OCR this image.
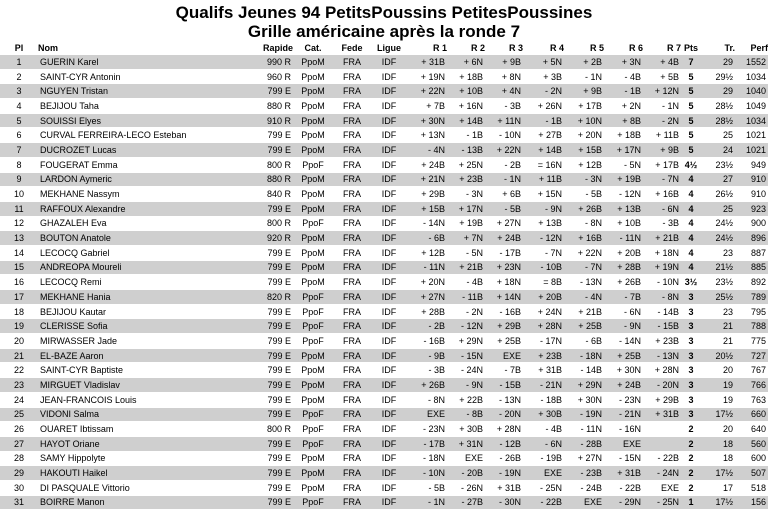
Qualifs Jeunes 94 PetitsPoussins PetitesPoussines
Grille américaine après la ronde 7
Pl	Nom	Rapide	Cat.	Fede	Ligue	R 1	R 2	R 3	R 4	R 5	R 6	R 7	Pts	Tr.	Perf
1	GUERIN Karel	990 R	PpoM	FRA	IDF	+ 31B	+ 6N	+ 9B	+ 5N	+ 2B	+ 3N	+ 4B	7	29	1552
2	SAINT-CYR Antonin	960 R	PpoM	FRA	IDF	+ 19N	+ 18B	+ 8N	+ 3B	- 1N	- 4B	+ 5B	5	29½	1034
3	NGUYEN Tristan	799 E	PpoM	FRA	IDF	+ 22N	+ 10B	+ 4N	- 2N	+ 9B	- 1B	+ 12N	5	29	1040
4	BEJIJOU Taha	880 R	PpoM	FRA	IDF	+ 7B	+ 16N	- 3B	+ 26N	+ 17B	+ 2N	- 1N	5	28½	1049
5	SOUISSI Elyes	910 R	PpoM	FRA	IDF	+ 30N	+ 14B	+ 11N	- 1B	+ 10N	+ 8B	- 2N	5	28½	1034
6	CURVAL FERREIRA-LECO Esteban	799 E	PpoM	FRA	IDF	+ 13N	- 1B	- 10N	+ 27B	+ 20N	+ 18B	+ 11B	5	25	1021
7	DUCROZET Lucas	799 E	PpoM	FRA	IDF	- 4N	- 13B	+ 22N	+ 14B	+ 15B	+ 17N	+ 9B	5	24	1021
8	FOUGERAT Emma	800 R	PpoF	FRA	IDF	+ 24B	+ 25N	- 2B	= 16N	+ 12B	- 5N	+ 17B	4½	23½	949
9	LARDON Aymeric	880 R	PpoM	FRA	IDF	+ 21N	+ 23B	- 1N	+ 11B	- 3N	+ 19B	- 7N	4	27	910
10	MEKHANE Nassym	840 R	PpoM	FRA	IDF	+ 29B	- 3N	+ 6B	+ 15N	- 5B	- 12N	+ 16B	4	26½	910
11	RAFFOUX Alexandre	799 E	PpoM	FRA	IDF	+ 15B	+ 17N	- 5B	- 9N	+ 26B	+ 13B	- 6N	4	25	923
12	GHAZALEH Eva	800 R	PpoF	FRA	IDF	- 14N	+ 19B	+ 27N	+ 13B	- 8N	+ 10B	- 3B	4	24½	900
13	BOUTON Anatole	920 R	PpoM	FRA	IDF	- 6B	+ 7N	+ 24B	- 12N	+ 16B	- 11N	+ 21B	4	24½	896
14	LECOCQ Gabriel	799 E	PpoM	FRA	IDF	+ 12B	- 5N	- 17B	- 7N	+ 22N	+ 20B	+ 18N	4	23	887
15	ANDREOPA Moureli	799 E	PpoM	FRA	IDF	- 11N	+ 21B	+ 23N	- 10B	- 7N	+ 28B	+ 19N	4	21½	885
16	LECOCQ Remi	799 E	PpoM	FRA	IDF	+ 20N	- 4B	+ 18N	= 8B	- 13N	+ 26B	- 10N	3½	23½	892
17	MEKHANE Hania	820 R	PpoF	FRA	IDF	+ 27N	- 11B	+ 14N	+ 20B	- 4N	- 7B	- 8N	3	25½	789
18	BEJIJOU Kautar	799 E	PpoF	FRA	IDF	+ 28B	- 2N	- 16B	+ 24N	+ 21B	- 6N	- 14B	3	23	795
19	CLERISSE Sofia	799 E	PpoF	FRA	IDF	- 2B	- 12N	+ 29B	+ 28N	+ 25B	- 9N	- 15B	3	21	788
20	MIRWASSER Jade	799 E	PpoF	FRA	IDF	- 16B	+ 29N	+ 25B	- 17N	- 6B	- 14N	+ 23B	3	21	775
21	EL-BAZE Aaron	799 E	PpoM	FRA	IDF	- 9B	- 15N	EXE	+ 23B	- 18N	+ 25B	- 13N	3	20½	727
22	SAINT-CYR Baptiste	799 E	PpoM	FRA	IDF	- 3B	- 24N	- 7B	+ 31B	- 14B	+ 30N	+ 28N	3	20	767
23	MIRGUET Vladislav	799 E	PpoM	FRA	IDF	+ 26B	- 9N	- 15B	- 21N	+ 29N	+ 24B	- 20N	3	19	766
24	JEAN-FRANCOIS Louis	799 E	PpoM	FRA	IDF	- 8N	+ 22B	- 13N	- 18B	+ 30N	- 23N	+ 29B	3	19	763
25	VIDONI Salma	799 E	PpoF	FRA	IDF	EXE	- 8B	- 20N	+ 30B	- 19N	- 21N	+ 31B	3	17½	660
26	OUARET Ibtissam	800 R	PpoF	FRA	IDF	- 23N	+ 30B	+ 28N	- 4B	- 11N	- 16N		2	20	640
27	HAYOT Oriane	799 E	PpoF	FRA	IDF	- 17B	+ 31N	- 12B	- 6N	- 28B	EXE		2	18	560
28	SAMY Hippolyte	799 E	PpoM	FRA	IDF	- 18N	EXE	- 26B	- 19B	+ 27N	- 15N	- 22B	2	18	600
29	HAKOUTI Haikel	799 E	PpoM	FRA	IDF	- 10N	- 20B	- 19N	EXE	- 23B	+ 31B	- 24N	2	17½	507
30	DI PASQUALE Vittorio	799 E	PpoM	FRA	IDF	- 5B	- 26N	+ 31B	- 25N	- 24B	- 22B	EXE	2	17	518
31	BOIRRE Manon	799 E	PpoF	FRA	IDF	- 1N	- 27B	- 30N	- 22B	EXE	- 29N	- 25N	1	17½	156
